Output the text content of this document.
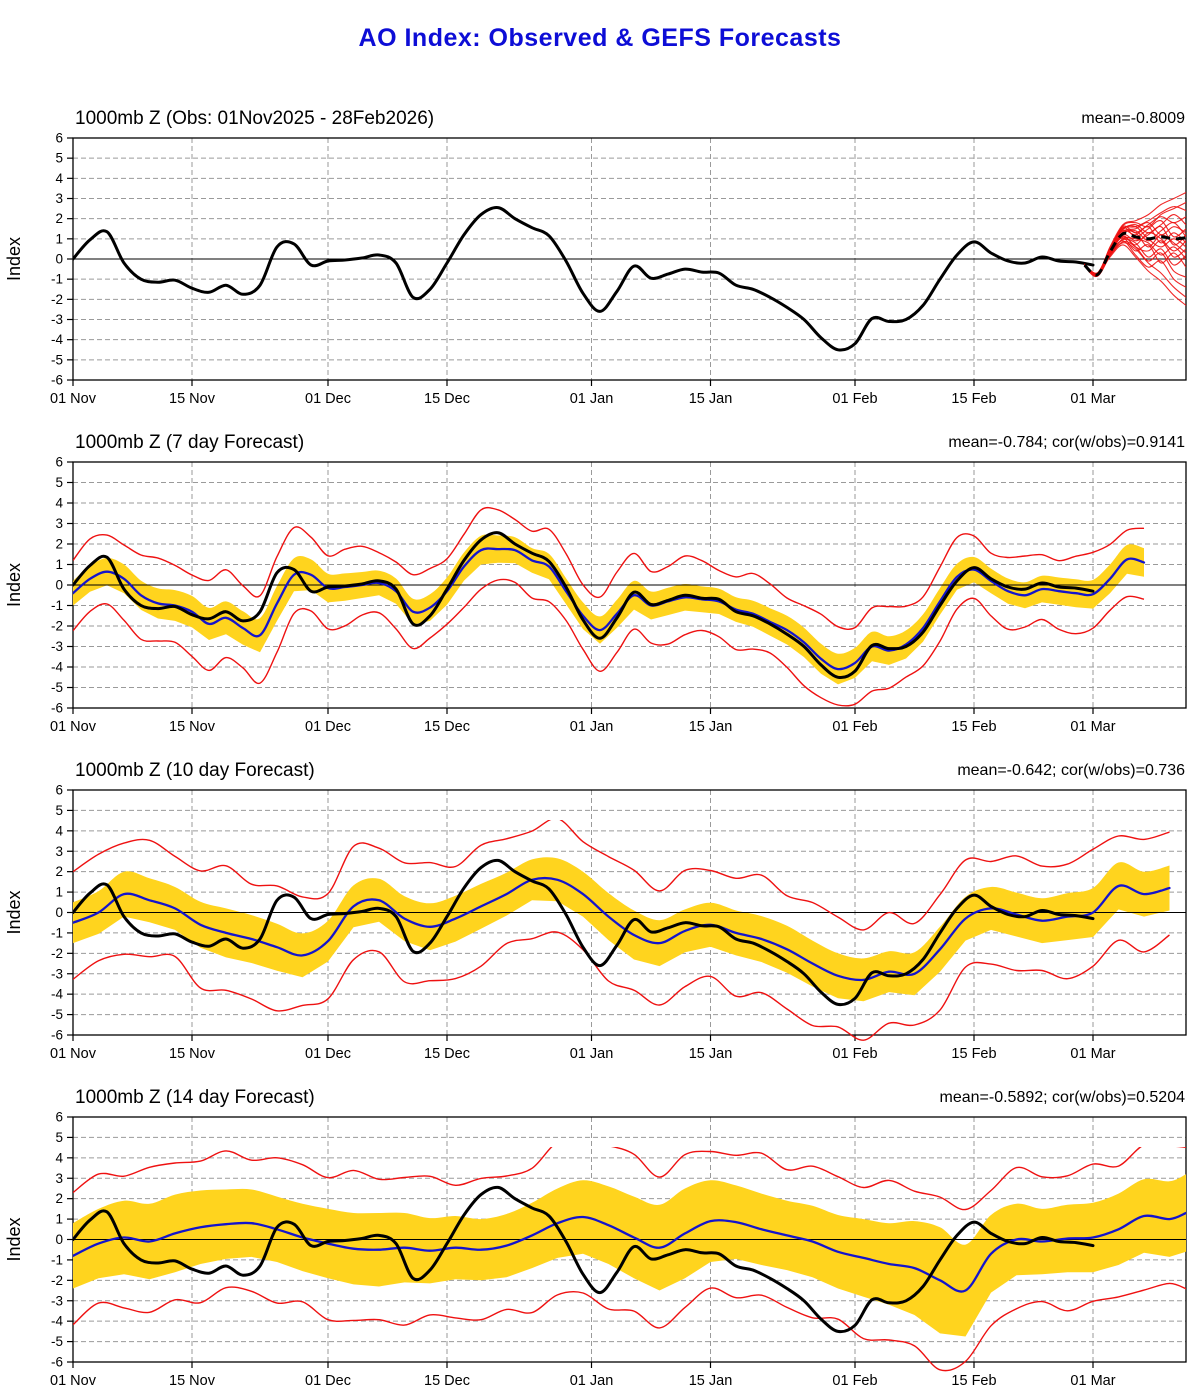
AO Index: Observed & GEFS Forecasts
1000mb Z (Obs: 01Nov2025 - 28Feb2026)	mean=-0.8009
6
5
4
3
2
1
0
-1
-2
-3
-4
-5
-6
01 Nov	15 Nov	01 Dec	15 Dec	01 Jan	15 Jan	01 Feb	15 Feb	01 Mar
Index
1000mb Z (7 day Forecast)	mean=-0.784; cor(w/obs)=0.9141
6
5
4
3
2
1
0
-1
-2
-3
-4
-5
-6
01 Nov	15 Nov	01 Dec	15 Dec	01 Jan	15 Jan	01 Feb	15 Feb	01 Mar
Index
1000mb Z (10 day Forecast)	mean=-0.642; cor(w/obs)=0.736
6
5
4
3
2
1
0
-1
-2
-3
-4
-5
-6
01 Nov	15 Nov	01 Dec	15 Dec	01 Jan	15 Jan	01 Feb	15 Feb	01 Mar
Index
1000mb Z (14 day Forecast)	mean=-0.5892; cor(w/obs)=0.5204
6
5
4
3
2
1
0
-1
-2
-3
-4
-5
-6
01 Nov	15 Nov	01 Dec	15 Dec	01 Jan	15 Jan	01 Feb	15 Feb	01 Mar
Index
